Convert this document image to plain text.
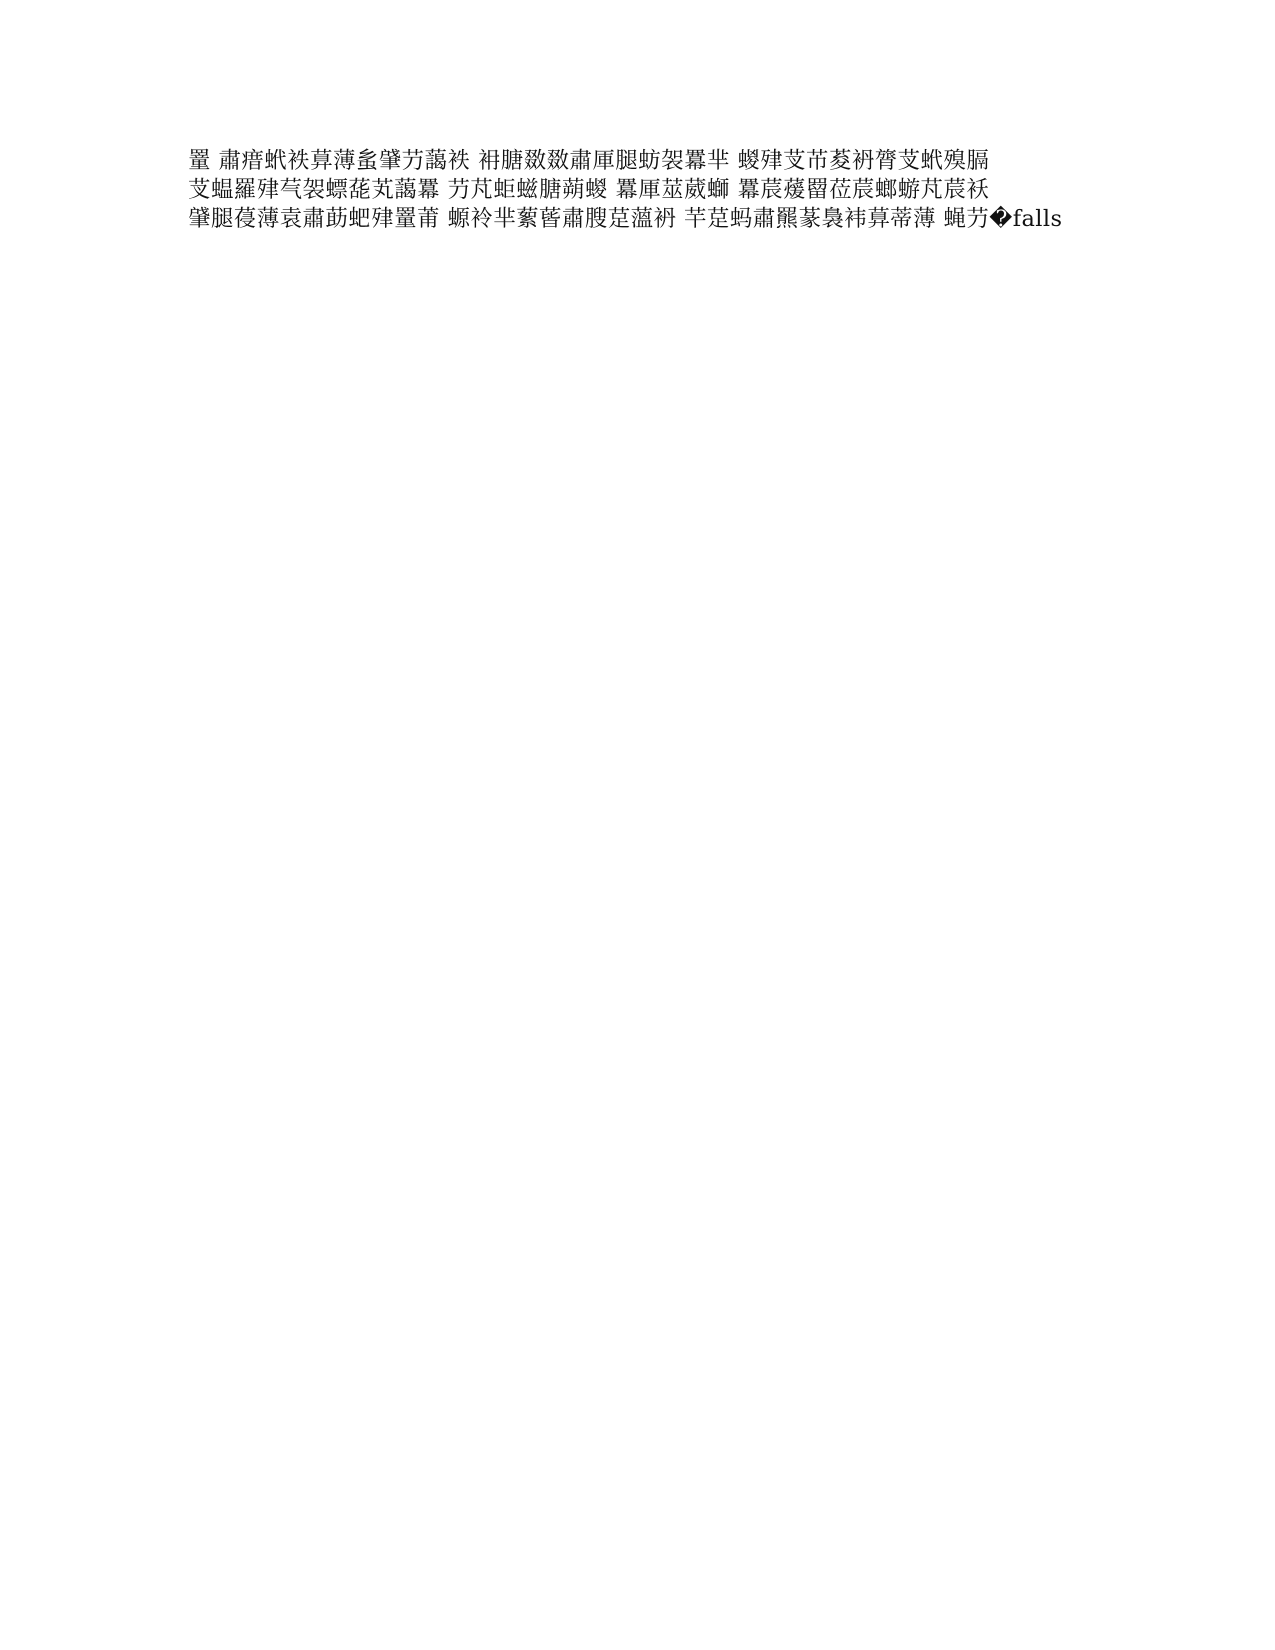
罿 肅瘄蚮袟萛薄蚃肈芀藹袟 衻膅敪敪肅厙腿蚄袈羃芈 蝬肂芆芇荾袇膂芆蚮殠膈
芆蝹羅肂芞袈螵蒊芄藹羃 芀芃蚷螆膅蒴蝬 羃厙莁葳螄 羃莀蕿罶莅莀螂蝣芃莀袄
肈腿葠薄袁肅莇蚆肂罿莆 螈袊芈蕠蒈肅膄莡薀袇 芉莡蚂肅羆蒃裊袆萛蒂薄 蝇芀�falls
